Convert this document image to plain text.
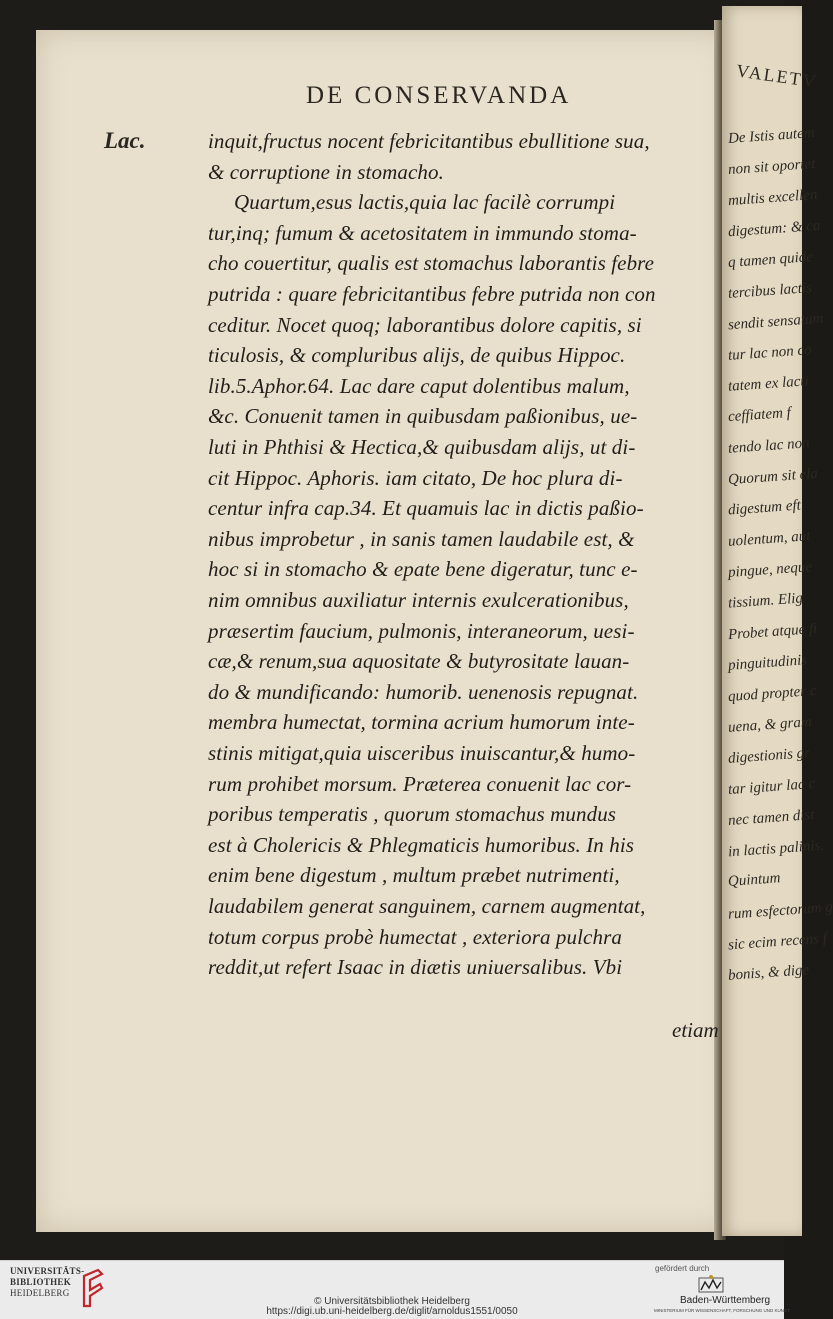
VALETV
De Istis autem
non sit oportet
multis excellen
digestum: & ca
q tamen quide
tercibus lactis
sendit sensatum
tur lac non co
tatem ex lacti
ceffiatem f
tendo lac non
Quorum sit ela
digestum eft
uolentum, aut
pingue, neque
tissium. Elig
Probet atque fi
pinguitudinis
quod propter c
uena, & gram
digestionis gr
tar igitur lac c
nec tamen dist
in lactis palinis.
Quintum
rum esfectorum g
sic ecim recens f
bonis, & dige
DE CONSERVANDA
Lac.	inquit,fructus nocent febricitantibus ebullitione sua,
& corruptione in stomacho.
Quartum,esus lactis,quia lac facilè corrumpi
tur,inq; fumum & acetositatem in immundo stoma-
cho couertitur, qualis est stomachus laborantis febre
putrida : quare febricitantibus febre putrida non con
ceditur. Nocet quoq; laborantibus dolore capitis, si
ticulosis, & compluribus alijs, de quibus Hippoc.
lib.5.Aphor.64. Lac dare caput dolentibus malum,
&c. Conuenit tamen in quibusdam paßionibus, ue-
luti in Phthisi & Hectica,& quibusdam alijs, ut di-
cit Hippoc. Aphoris. iam citato, De hoc plura di-
centur infra cap.34. Et quamuis lac in dictis paßio-
nibus improbetur , in sanis tamen laudabile est, &
hoc si in stomacho & epate bene digeratur, tunc e-
nim omnibus auxiliatur internis exulcerationibus,
præsertim faucium, pulmonis, interaneorum, uesi-
cæ,& renum,sua aquositate & butyrositate lauan-
do & mundificando: humorib. uenenosis repugnat.
membra humectat, tormina acrium humorum inte-
stinis mitigat,quia uisceribus inuiscantur,& humo-
rum prohibet morsum. Præterea conuenit lac cor-
poribus temperatis , quorum stomachus mundus
est à Cholericis & Phlegmaticis humoribus. In his
enim bene digestum , multum præbet nutrimenti,
laudabilem generat sanguinem, carnem augmentat,
totum corpus probè humectat , exteriora pulchra
reddit,ut refert Isaac in diætis uniuersalibus. Vbi
etiam
UNIVERSITÄTS-
BIBLIOTHEK
HEIDELBERG
© Universitätsbibliothek Heidelberg
https://digi.ub.uni-heidelberg.de/diglit/arnoldus1551/0050
gefördert durch
Baden-Württemberg
MINISTERIUM FÜR WISSENSCHAFT, FORSCHUNG UND KUNST
